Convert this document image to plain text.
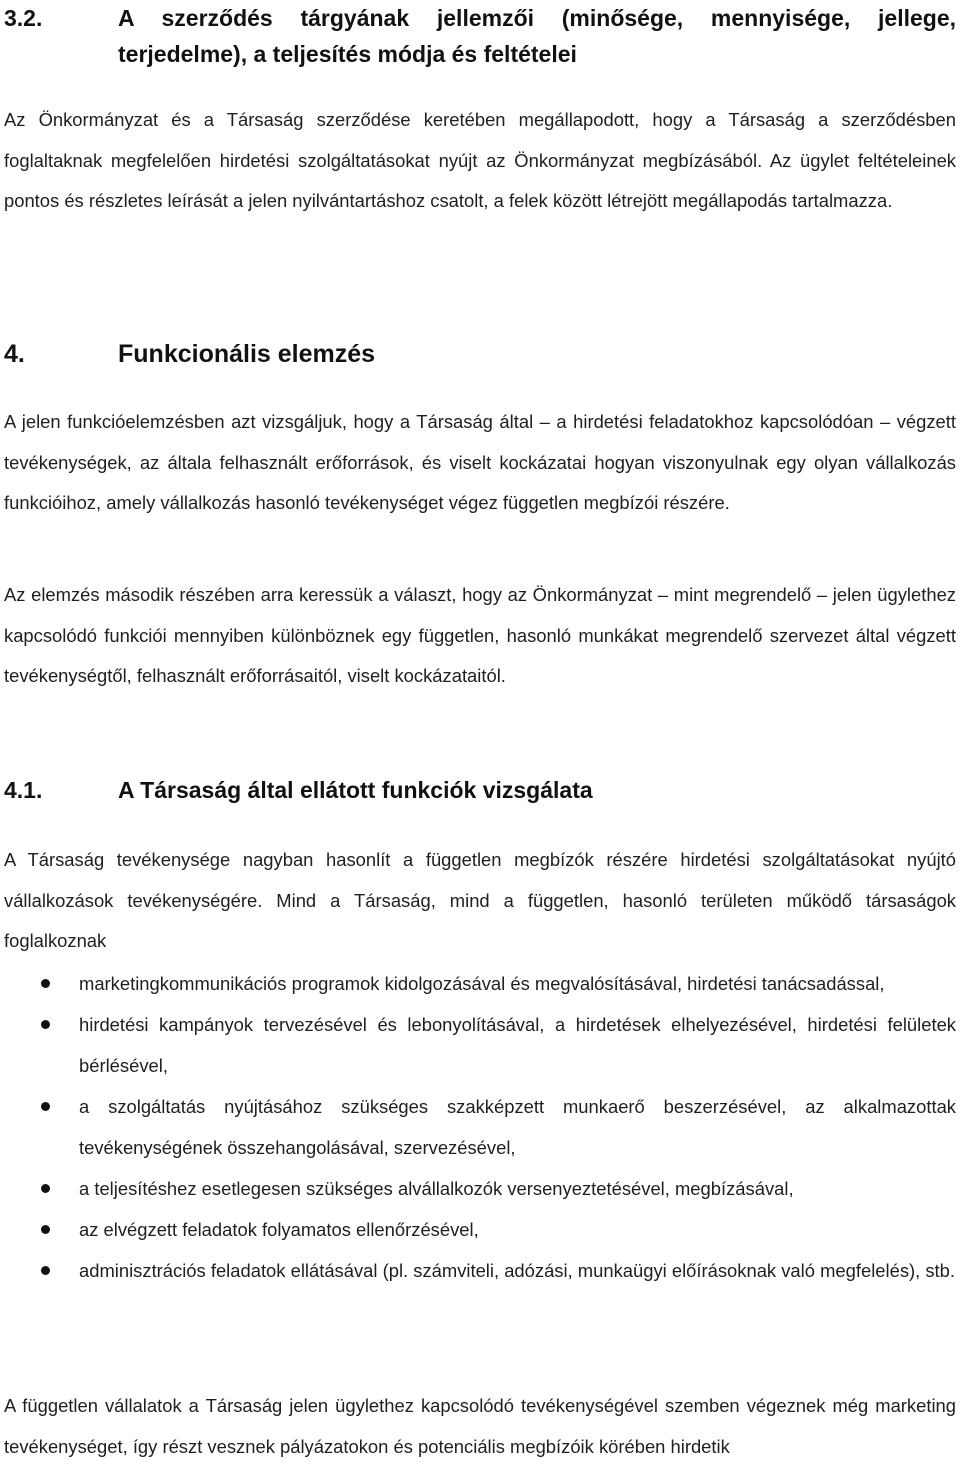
3.2.	A szerződés tárgyának jellemzői (minősége, mennyisége, jellege, terjedelme), a teljesítés módja és feltételei

Az Önkormányzat és a Társaság szerződése keretében megállapodott, hogy a Társaság a szerződésben foglaltaknak megfelelően hirdetési szolgáltatásokat nyújt az Önkormányzat megbízásából. Az ügylet feltételeinek pontos és részletes leírását a jelen nyilvántartáshoz csatolt, a felek között létrejött megállapodás tartalmazza.

4.	Funkcionális elemzés

A jelen funkcióelemzésben azt vizsgáljuk, hogy a Társaság által – a hirdetési feladatokhoz kapcsolódóan – végzett tevékenységek, az általa felhasznált erőforrások, és viselt kockázatai hogyan viszonyulnak egy olyan vállalkozás funkcióihoz, amely vállalkozás hasonló tevékenységet végez független megbízói részére.

Az elemzés második részében arra keressük a választ, hogy az Önkormányzat – mint megrendelő – jelen ügylethez kapcsolódó funkciói mennyiben különböznek egy független, hasonló munkákat megrendelő szervezet által végzett tevékenységtől, felhasznált erőforrásaitól, viselt kockázataitól.

4.1.	A Társaság által ellátott funkciók vizsgálata

A Társaság tevékenysége nagyban hasonlít a független megbízók részére hirdetési szolgáltatásokat nyújtó vállalkozások tevékenységére. Mind a Társaság, mind a független, hasonló területen működő társaságok foglalkoznak

marketingkommunikációs programok kidolgozásával és megvalósításával, hirdetési tanácsadással,
hirdetési kampányok tervezésével és lebonyolításával, a hirdetések elhelyezésével, hirdetési felületek bérlésével,
a szolgáltatás nyújtásához szükséges szakképzett munkaerő beszerzésével, az alkalmazottak tevékenységének összehangolásával, szervezésével,
a teljesítéshez esetlegesen szükséges alvállalkozók versenyeztetésével, megbízásával,
az elvégzett feladatok folyamatos ellenőrzésével,
adminisztrációs feladatok ellátásával (pl. számviteli, adózási, munkaügyi előírásoknak való megfelelés), stb.

A független vállalatok a Társaság jelen ügylethez kapcsolódó tevékenységével szemben végeznek még marketing tevékenységet, így részt vesznek pályázatokon és potenciális megbízóik körében hirdetik
